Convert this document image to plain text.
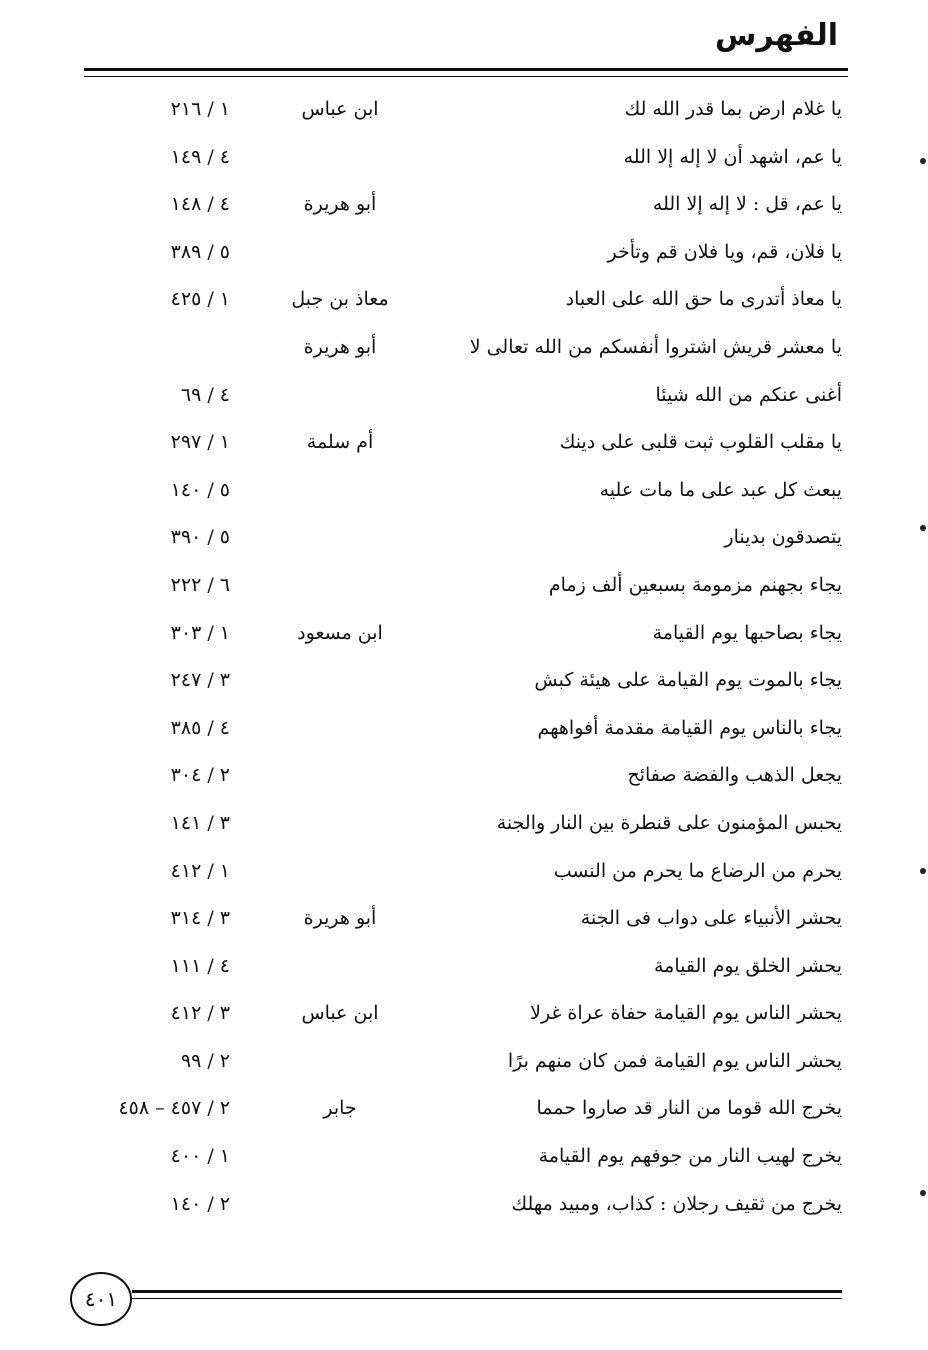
الفهرس
يا غلام ارض بما قدر الله لك
ابن عباس
١ / ٢١٦
يا عم، اشهد أن لا إله إلا الله
٤ / ١٤٩
يا عم، قل : لا إله إلا الله
أبو هريرة
٤ / ١٤٨
يا فلان، قم، ويا فلان قم وتأخر
٥ / ٣٨٩
يا معاذ أتدرى ما حق الله على العباد
معاذ بن جبل
١ / ٤٢٥
يا معشر قريش اشتروا أنفسكم من الله تعالى لا
أبو هريرة
أغنى عنكم من الله شيئا
٤ / ٦٩
يا مقلب القلوب ثبت قلبى على دينك
أم سلمة
١ / ٢٩٧
يبعث كل عبد على ما مات عليه
٥ / ١٤٠
يتصدقون بدينار
٥ / ٣٩٠
يجاء بجهنم مزمومة بسبعين ألف زمام
٦ / ٢٢٢
يجاء بصاحبها يوم القيامة
ابن مسعود
١ / ٣٠٣
يجاء بالموت يوم القيامة على هيئة كبش
٣ / ٢٤٧
يجاء بالناس يوم القيامة مقدمة أفواههم
٤ / ٣٨٥
يجعل الذهب والفضة صفائح
٢ / ٣٠٤
يحبس المؤمنون على قنطرة بين النار والجنة
٣ / ١٤١
يحرم من الرضاع ما يحرم من النسب
١ / ٤١٢
يحشر الأنبياء على دواب فى الجنة
أبو هريرة
٣ / ٣١٤
يحشر الخلق يوم القيامة
٤ / ١١١
يحشر الناس يوم القيامة حفاة عراة غرلا
ابن عباس
٣ / ٤١٢
يحشر الناس يوم القيامة فمن كان منهم برًا
٢ / ٩٩
يخرج الله قوما من النار قد صاروا حمما
جابر
٢ / ٤٥٧ – ٤٥٨
يخرج لهيب النار من جوفهم يوم القيامة
١ / ٤٠٠
يخرج من ثقيف رجلان : كذاب، ومبيد مهلك
٢ / ١٤٠
٤٠١
